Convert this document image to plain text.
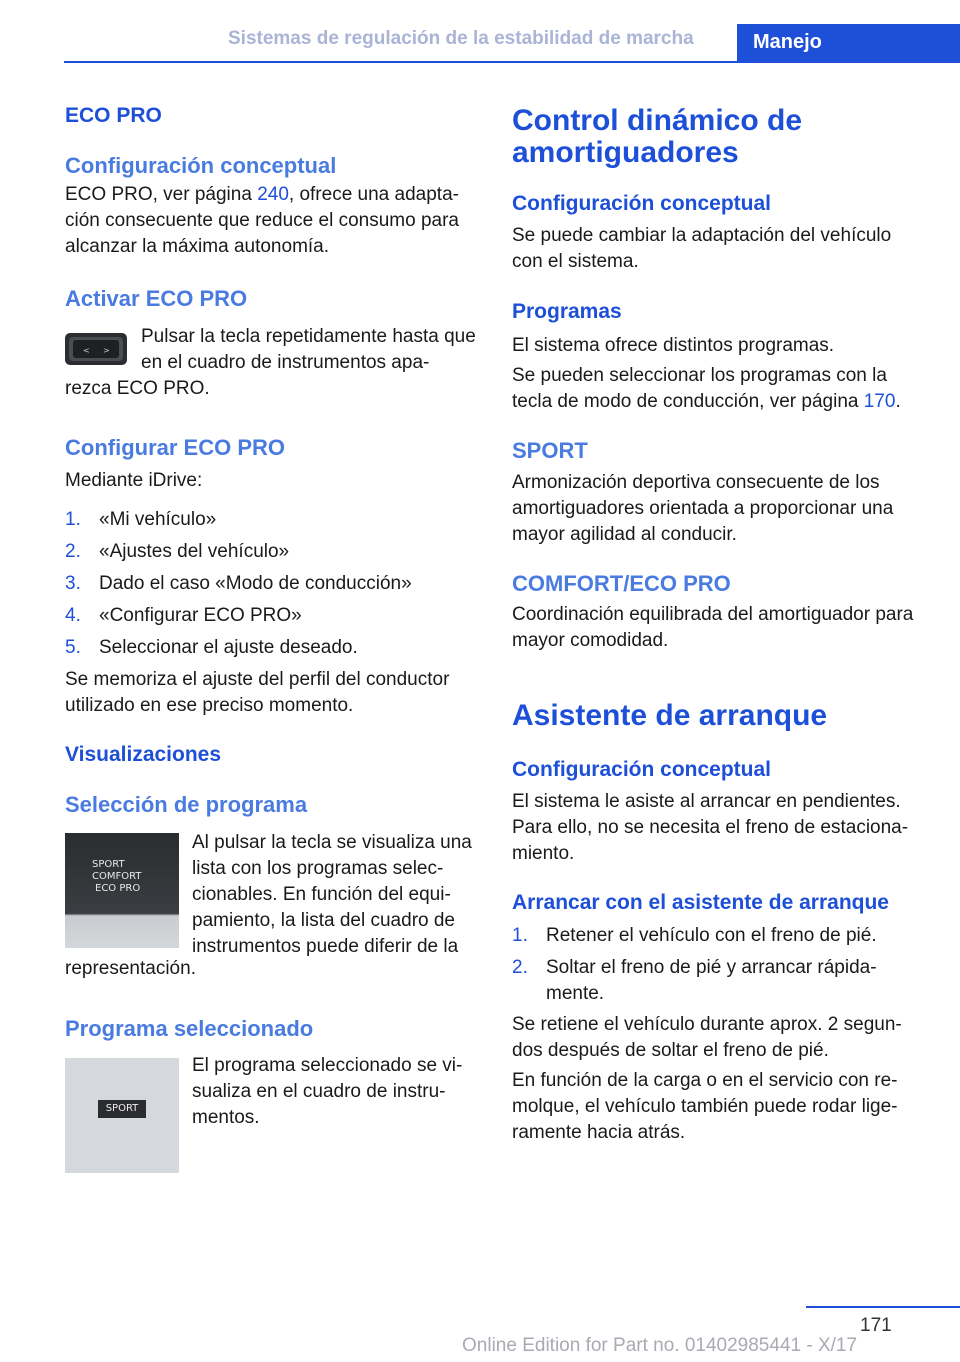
Sistemas de regulación de la estabilidad de marcha	Manejo
ECO PRO
Configuración conceptual

ECO PRO, ver página 240, ofrece una adapta-ción consecuente que reduce el consumo para alcanzar la máxima autonomía.

Activar ECO PRO
< >

Pulsar la tecla repetidamente hasta que en el cuadro de instrumentos apa-

rezca ECO PRO.

Configurar ECO PRO

Mediante iDrive:

1. «Mi vehículo»
2. «Ajustes del vehículo»
3. Dado el caso «Modo de conducción»
4. «Configurar ECO PRO»
5. Seleccionar el ajuste deseado.

Se memoriza el ajuste del perfil del conductor utilizado en ese preciso momento.

Visualizaciones
Selección de programa
SPORT
COMFORT
ECO PRO

Al pulsar la tecla se visualiza una lista con los programas selec-cionables. En función del equi-pamiento, la lista del cuadro de instrumentos puede diferir de la

representación.

Programa seleccionado
SPORT

El programa seleccionado se vi-sualiza en el cuadro de instru-mentos.

Control dinámico de amortiguadores
Configuración conceptual

Se puede cambiar la adaptación del vehículo con el sistema.

Programas

El sistema ofrece distintos programas.

Se pueden seleccionar los programas con la tecla de modo de conducción, ver página 170.

SPORT

Armonización deportiva consecuente de los amortiguadores orientada a proporcionar una mayor agilidad al conducir.

COMFORT/ECO PRO

Coordinación equilibrada del amortiguador para mayor comodidad.

Asistente de arranque
Configuración conceptual

El sistema le asiste al arrancar en pendientes. Para ello, no se necesita el freno de estaciona-miento.

Arrancar con el asistente de arranque
1. Retener el vehículo con el freno de pié.
2. Soltar el freno de pié y arrancar rápida-mente.

Se retiene el vehículo durante aprox. 2 segun-dos después de soltar el freno de pié.

En función de la carga o en el servicio con re-molque, el vehículo también puede rodar lige-ramente hacia atrás.

171
Online Edition for Part no. 01402985441 - X/17
